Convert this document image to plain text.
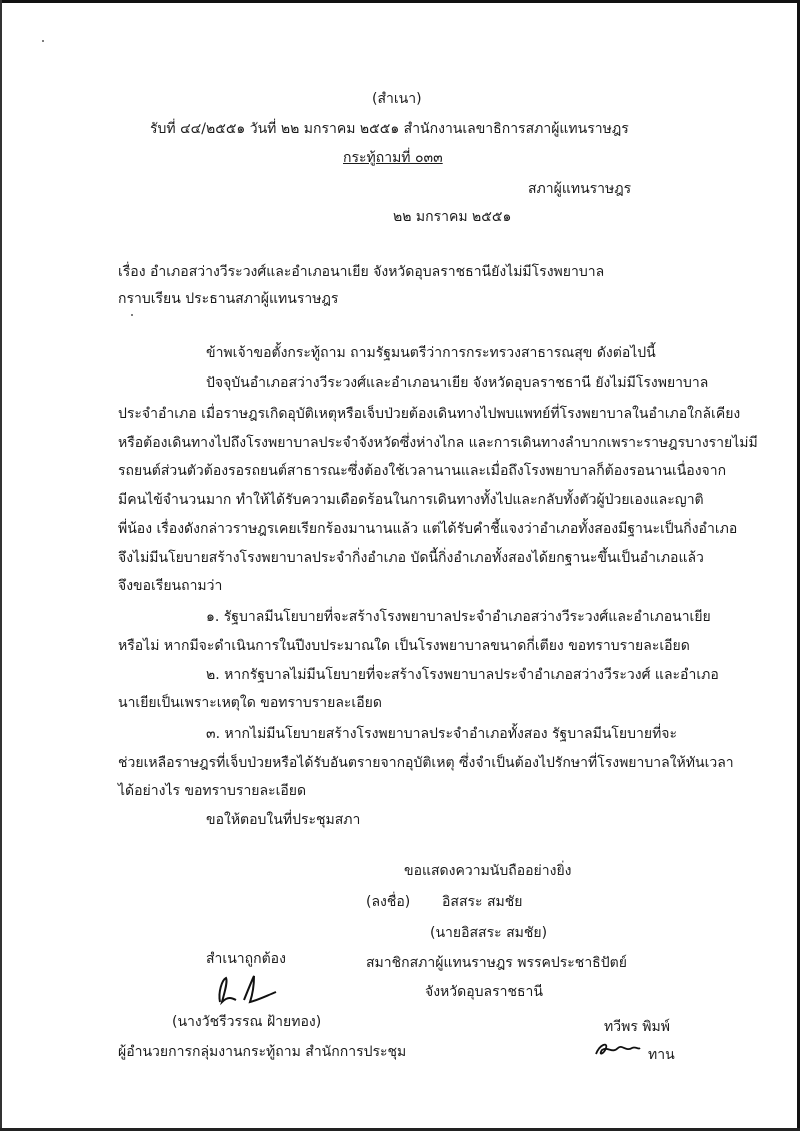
(สำเนา)
รับที่ ๔๔/๒๕๕๑ วันที่ ๒๒ มกราคม ๒๕๕๑ สำนักงานเลขาธิการสภาผู้แทนราษฎร
กระทู้ถามที่ ๐๓๓
สภาผู้แทนราษฎร
๒๒ มกราคม ๒๕๕๑
เรื่อง อำเภอสว่างวีระวงศ์และอำเภอนาเยีย จังหวัดอุบลราชธานียังไม่มีโรงพยาบาล
กราบเรียน ประธานสภาผู้แทนราษฎร
ข้าพเจ้าขอตั้งกระทู้ถาม ถามรัฐมนตรีว่าการกระทรวงสาธารณสุข ดังต่อไปนี้
ปัจจุบันอำเภอสว่างวีระวงศ์และอำเภอนาเยีย จังหวัดอุบลราชธานี ยังไม่มีโรงพยาบาล
ประจำอำเภอ เมื่อราษฎรเกิดอุบัติเหตุหรือเจ็บป่วยต้องเดินทางไปพบแพทย์ที่โรงพยาบาลในอำเภอใกล้เคียง
หรือต้องเดินทางไปถึงโรงพยาบาลประจำจังหวัดซึ่งห่างไกล และการเดินทางลำบากเพราะราษฎรบางรายไม่มี
รถยนต์ส่วนตัวต้องรอรถยนต์สาธารณะซึ่งต้องใช้เวลานานและเมื่อถึงโรงพยาบาลก็ต้องรอนานเนื่องจาก
มีคนไข้จำนวนมาก ทำให้ได้รับความเดือดร้อนในการเดินทางทั้งไปและกลับทั้งตัวผู้ป่วยเองและญาติ
พี่น้อง เรื่องดังกล่าวราษฎรเคยเรียกร้องมานานแล้ว แต่ได้รับคำชี้แจงว่าอำเภอทั้งสองมีฐานะเป็นกิ่งอำเภอ
จึงไม่มีนโยบายสร้างโรงพยาบาลประจำกิ่งอำเภอ บัดนี้กิ่งอำเภอทั้งสองได้ยกฐานะขึ้นเป็นอำเภอแล้ว
จึงขอเรียนถามว่า
๑. รัฐบาลมีนโยบายที่จะสร้างโรงพยาบาลประจำอำเภอสว่างวีระวงศ์และอำเภอนาเยีย
หรือไม่ หากมีจะดำเนินการในปีงบประมาณใด เป็นโรงพยาบาลขนาดกี่เตียง ขอทราบรายละเอียด
๒. หากรัฐบาลไม่มีนโยบายที่จะสร้างโรงพยาบาลประจำอำเภอสว่างวีระวงศ์ และอำเภอ
นาเยียเป็นเพราะเหตุใด ขอทราบรายละเอียด
๓. หากไม่มีนโยบายสร้างโรงพยาบาลประจำอำเภอทั้งสอง รัฐบาลมีนโยบายที่จะ
ช่วยเหลือราษฎรที่เจ็บป่วยหรือได้รับอันตรายจากอุบัติเหตุ ซึ่งจำเป็นต้องไปรักษาที่โรงพยาบาลให้ทันเวลา
ได้อย่างไร ขอทราบรายละเอียด
ขอให้ตอบในที่ประชุมสภา
ขอแสดงความนับถืออย่างยิ่ง
(ลงชื่อ) อิสสระ สมชัย
(นายอิสสระ สมชัย)
สมาชิกสภาผู้แทนราษฎร พรรคประชาธิปัตย์
จังหวัดอุบลราชธานี
สำเนาถูกต้อง
(นางวัชรีวรรณ ฝ้ายทอง)
ผู้อำนวยการกลุ่มงานกระทู้ถาม สำนักการประชุม
ทวีพร พิมพ์
ทาน
